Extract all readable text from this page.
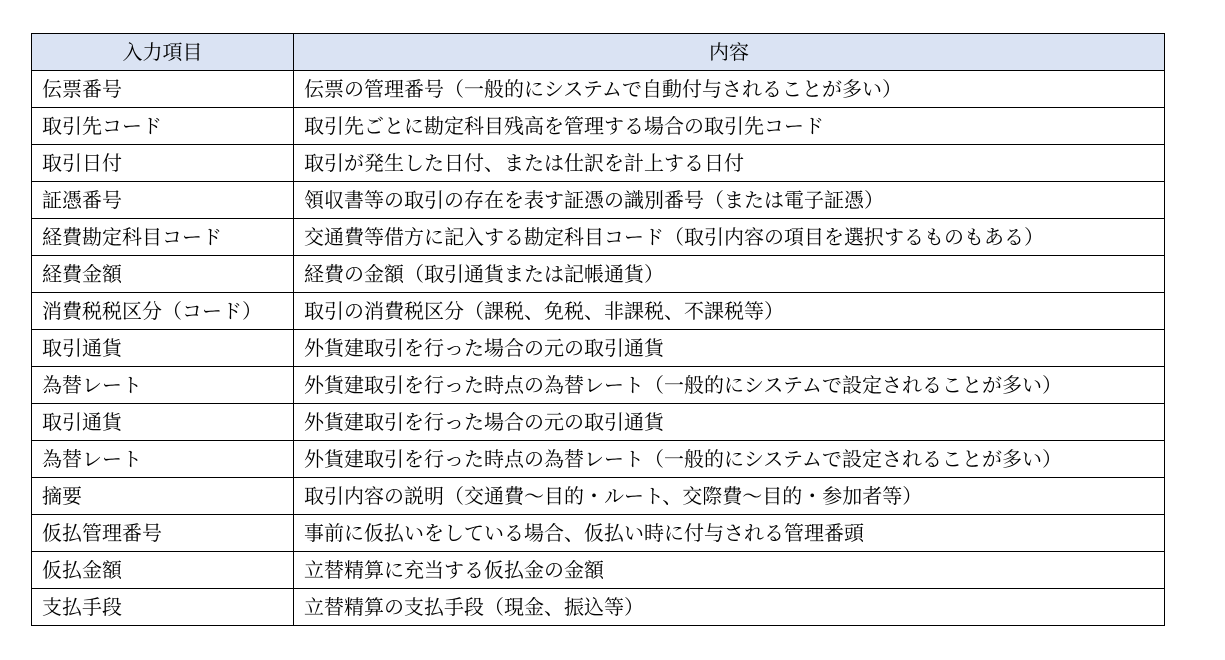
入力項目	内容
伝票番号	伝票の管理番号（一般的にシステムで自動付与されることが多い）
取引先コード	取引先ごとに勘定科目残高を管理する場合の取引先コード
取引日付	取引が発生した日付、または仕訳を計上する日付
証憑番号	領収書等の取引の存在を表す証憑の識別番号（または電子証憑）
経費勘定科目コード	交通費等借方に記入する勘定科目コード（取引内容の項目を選択するものもある）
経費金額	経費の金額（取引通貨または記帳通貨）
消費税税区分（コード）	取引の消費税区分（課税、免税、非課税、不課税等）
取引通貨	外貨建取引を行った場合の元の取引通貨
為替レート	外貨建取引を行った時点の為替レート（一般的にシステムで設定されることが多い）
取引通貨	外貨建取引を行った場合の元の取引通貨
為替レート	外貨建取引を行った時点の為替レート（一般的にシステムで設定されることが多い）
摘要	取引内容の説明（交通費～目的・ルート、交際費～目的・参加者等）
仮払管理番号	事前に仮払いをしている場合、仮払い時に付与される管理番頭
仮払金額	立替精算に充当する仮払金の金額
支払手段	立替精算の支払手段（現金、振込等）
